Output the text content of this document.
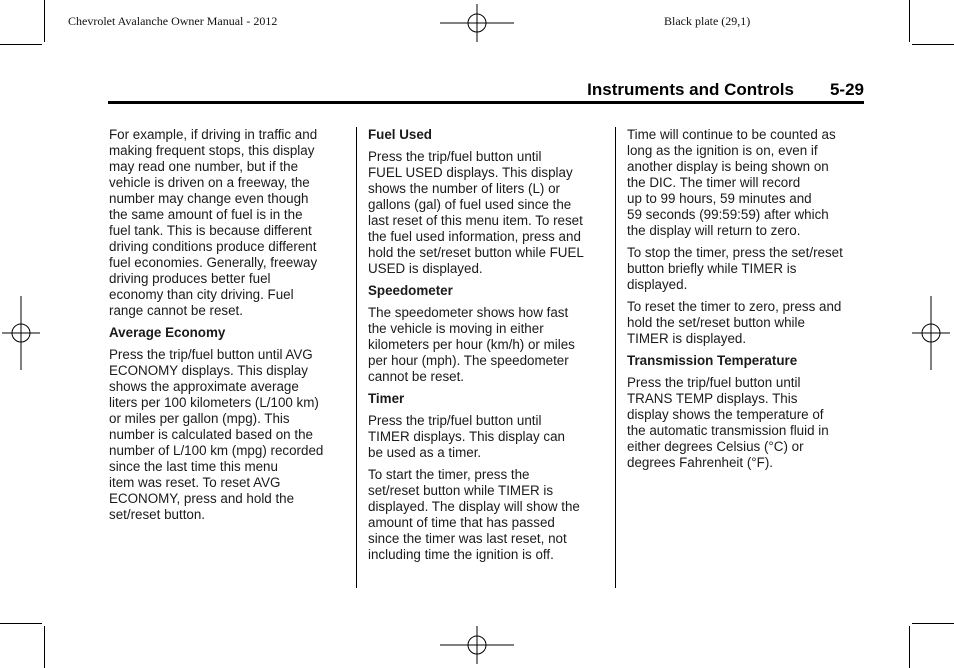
Chevrolet Avalanche Owner Manual - 2012	Black plate (29,1)
Instruments and Controls 5-29

For example, if driving in traffic and
making frequent stops, this display
may read one number, but if the
vehicle is driven on a freeway, the
number may change even though
the same amount of fuel is in the
fuel tank. This is because different
driving conditions produce different
fuel economies. Generally, freeway
driving produces better fuel
economy than city driving. Fuel
range cannot be reset.

Average Economy

Press the trip/fuel button until AVG
ECONOMY displays. This display
shows the approximate average
liters per 100 kilometers (L/100 km)
or miles per gallon (mpg). This
number is calculated based on the
number of L/100 km (mpg) recorded
since the last time this menu
item was reset. To reset AVG
ECONOMY, press and hold the
set/reset button.

Fuel Used

Press the trip/fuel button until
FUEL USED displays. This display
shows the number of liters (L) or
gallons (gal) of fuel used since the
last reset of this menu item. To reset
the fuel used information, press and
hold the set/reset button while FUEL
USED is displayed.

Speedometer

The speedometer shows how fast
the vehicle is moving in either
kilometers per hour (km/h) or miles
per hour (mph). The speedometer
cannot be reset.

Timer

Press the trip/fuel button until
TIMER displays. This display can
be used as a timer.

To start the timer, press the
set/reset button while TIMER is
displayed. The display will show the
amount of time that has passed
since the timer was last reset, not
including time the ignition is off.

Time will continue to be counted as
long as the ignition is on, even if
another display is being shown on
the DIC. The timer will record
up to 99 hours, 59 minutes and
59 seconds (99:59:59) after which
the display will return to zero.

To stop the timer, press the set/reset
button briefly while TIMER is
displayed.

To reset the timer to zero, press and
hold the set/reset button while
TIMER is displayed.

Transmission Temperature

Press the trip/fuel button until
TRANS TEMP displays. This
display shows the temperature of
the automatic transmission fluid in
either degrees Celsius (°C) or
degrees Fahrenheit (°F).
